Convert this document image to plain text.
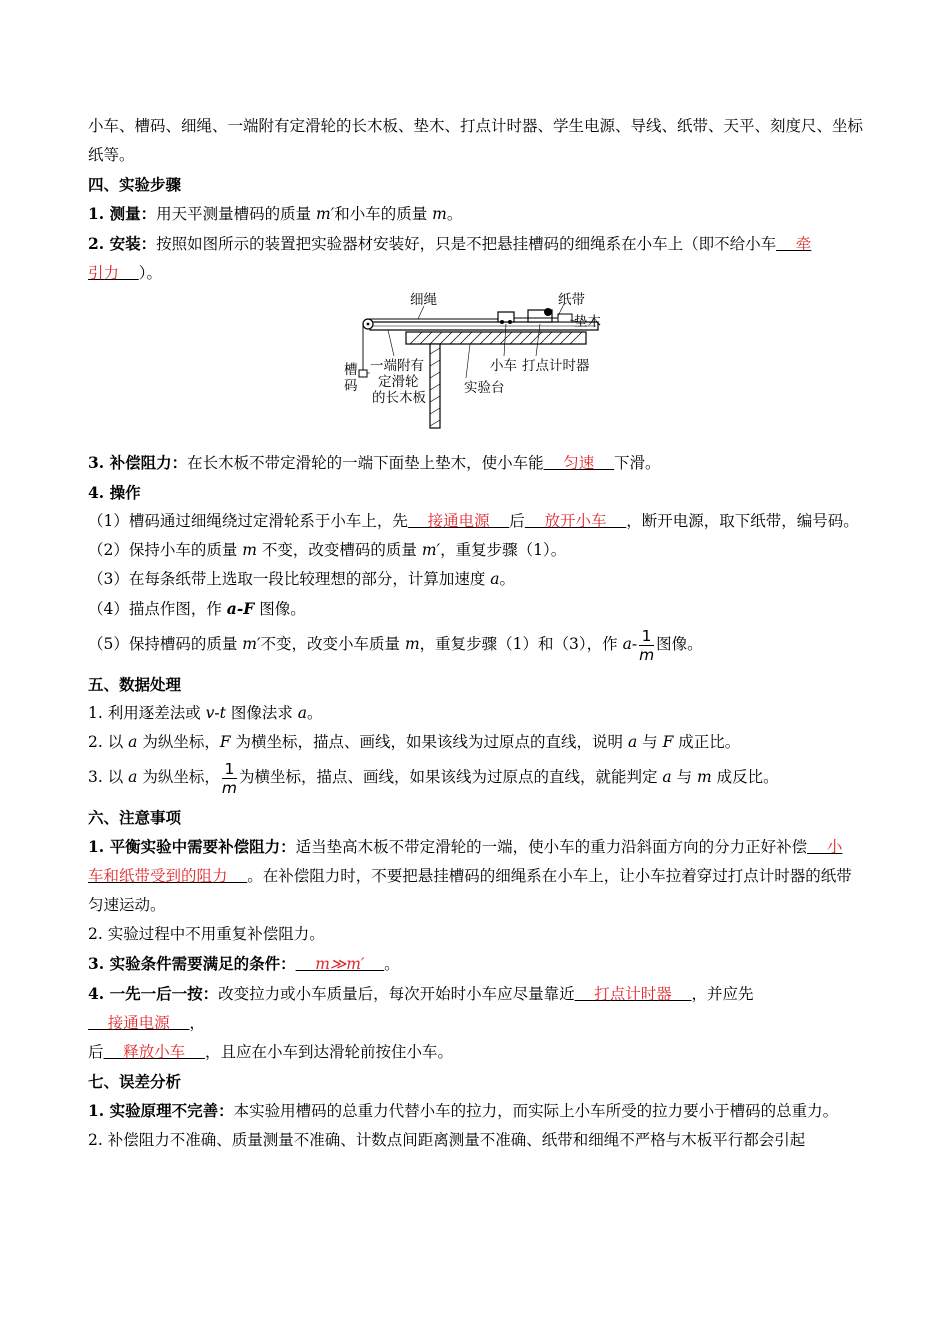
小车、槽码、细绳、一端附有定滑轮的长木板、垫木、打点计时器、学生电源、导线、纸带、天平、刻度尺、坐标纸等。

四、实验步骤

1. 测量：用天平测量槽码的质量 m′和小车的质量 m。

2. 安装：按照如图所示的装置把实验器材安装好，只是不把悬挂槽码的细绳系在小车上（即不给小车    牵
引力    ）。

细绳	纸带
垫木
小车 打点计时器
槽
码
一端附有
定滑轮
的长木板
实验台

3. 补偿阻力：在长木板不带定滑轮的一端下面垫上垫木，使小车能    匀速    下滑。

4. 操作

（1）槽码通过细绳绕过定滑轮系于小车上，先    接通电源    后    放开小车    ，断开电源，取下纸带，编号码。

（2）保持小车的质量 m 不变，改变槽码的质量 m′，重复步骤（1）。

（3）在每条纸带上选取一段比较理想的部分，计算加速度 a。

（4）描点作图，作 a-F 图像。

（5）保持槽码的质量 m′不变，改变小车质量 m，重复步骤（1）和（3），作 $a- \frac{1}{m}$ 图像。

五、数据处理

1. 利用逐差法或 v-t 图像法求 a。

2. 以 a 为纵坐标，F 为横坐标，描点、画线，如果该线为过原点的直线，说明 a 与 F 成正比。

3. 以 a 为纵坐标， $\frac{1}{m}$ 为横坐标，描点、画线，如果该线为过原点的直线，就能判定 a 与 m 成反比。

六、注意事项

1. 平衡实验中需要补偿阻力：适当垫高木板不带定滑轮的一端，使小车的重力沿斜面方向的分力正好补偿    小
车和纸带受到的阻力    。在补偿阻力时，不要把悬挂槽码的细绳系在小车上，让小车拉着穿过打点计时器的纸带匀速运动。

2. 实验过程中不用重复补偿阻力。

3. 实验条件需要满足的条件：    m≫m′    。

4. 一先一后一按：改变拉力或小车质量后，每次开始时小车应尽量靠近    打点计时器    ，并应先    接通电源    ，
后    释放小车    ，且应在小车到达滑轮前按住小车。

七、误差分析

1. 实验原理不完善：本实验用槽码的总重力代替小车的拉力，而实际上小车所受的拉力要小于槽码的总重力。

2. 补偿阻力不准确、质量测量不准确、计数点间距离测量不准确、纸带和细绳不严格与木板平行都会引起
